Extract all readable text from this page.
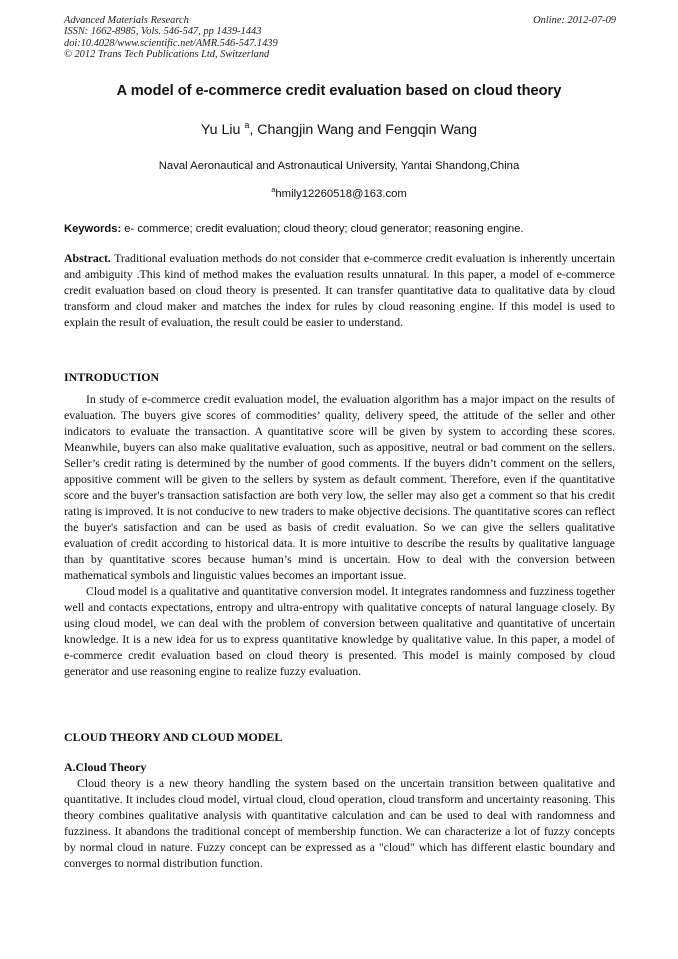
Advanced Materials Research
ISSN: 1662-8985, Vols. 546-547, pp 1439-1443
doi:10.4028/www.scientific.net/AMR.546-547.1439
© 2012 Trans Tech Publications Ltd, Switzerland
Online: 2012-07-09
A model of e-commerce credit evaluation based on cloud theory
Yu Liu $^a$, Changjin Wang and Fengqin Wang
Naval Aeronautical and Astronautical University, Yantai Shandong,China
$^a$hmily12260518@163.com
Keywords: e- commerce; credit evaluation; cloud theory; cloud generator; reasoning engine.
Abstract. Traditional evaluation methods do not consider that e-commerce credit evaluation is inherently uncertain and ambiguity .This kind of method makes the evaluation results unnatural. In this paper, a model of e-commerce credit evaluation based on cloud theory is presented. It can transfer quantitative data to qualitative data by cloud transform and cloud maker and matches the index for rules by cloud reasoning engine. If this model is used to explain the result of evaluation, the result could be easier to understand.
INTRODUCTION

In study of e-commerce credit evaluation model, the evaluation algorithm has a major impact on the results of evaluation. The buyers give scores of commodities’ quality, delivery speed, the attitude of the seller and other indicators to evaluate the transaction. A quantitative score will be given by system to according these scores. Meanwhile, buyers can also make qualitative evaluation, such as appositive, neutral or bad comment on the sellers. Seller’s credit rating is determined by the number of good comments. If the buyers didn’t comment on the sellers, appositive comment will be given to the sellers by system as default comment. Therefore, even if the quantitative score and the buyer's transaction satisfaction are both very low, the seller may also get a comment so that his credit rating is improved. It is not conducive to new traders to make objective decisions. The quantitative scores can reflect the buyer's satisfaction and can be used as basis of credit evaluation. So we can give the sellers qualitative evaluation of credit according to historical data. It is more intuitive to describe the results by qualitative language than by quantitative scores because human’s mind is uncertain. How to deal with the conversion between mathematical symbols and linguistic values becomes an important issue.

Cloud model is a qualitative and quantitative conversion model. It integrates randomness and fuzziness together well and contacts expectations, entropy and ultra-entropy with qualitative concepts of natural language closely. By using cloud model, we can deal with the problem of conversion between qualitative and quantitative of uncertain knowledge. It is a new idea for us to express quantitative knowledge by qualitative value. In this paper, a model of e-commerce credit evaluation based on cloud theory is presented. This model is mainly composed by cloud generator and use reasoning engine to realize fuzzy evaluation.

CLOUD THEORY AND CLOUD MODEL
A.Cloud Theory

Cloud theory is a new theory handling the system based on the uncertain transition between qualitative and quantitative. It includes cloud model, virtual cloud, cloud operation, cloud transform and uncertainty reasoning. This theory combines qualitative analysis with quantitative calculation and can be used to deal with randomness and fuzziness. It abandons the traditional concept of membership function. We can characterize a lot of fuzzy concepts by normal cloud in nature. Fuzzy concept can be expressed as a "cloud" which has different elastic boundary and converges to normal distribution function.
